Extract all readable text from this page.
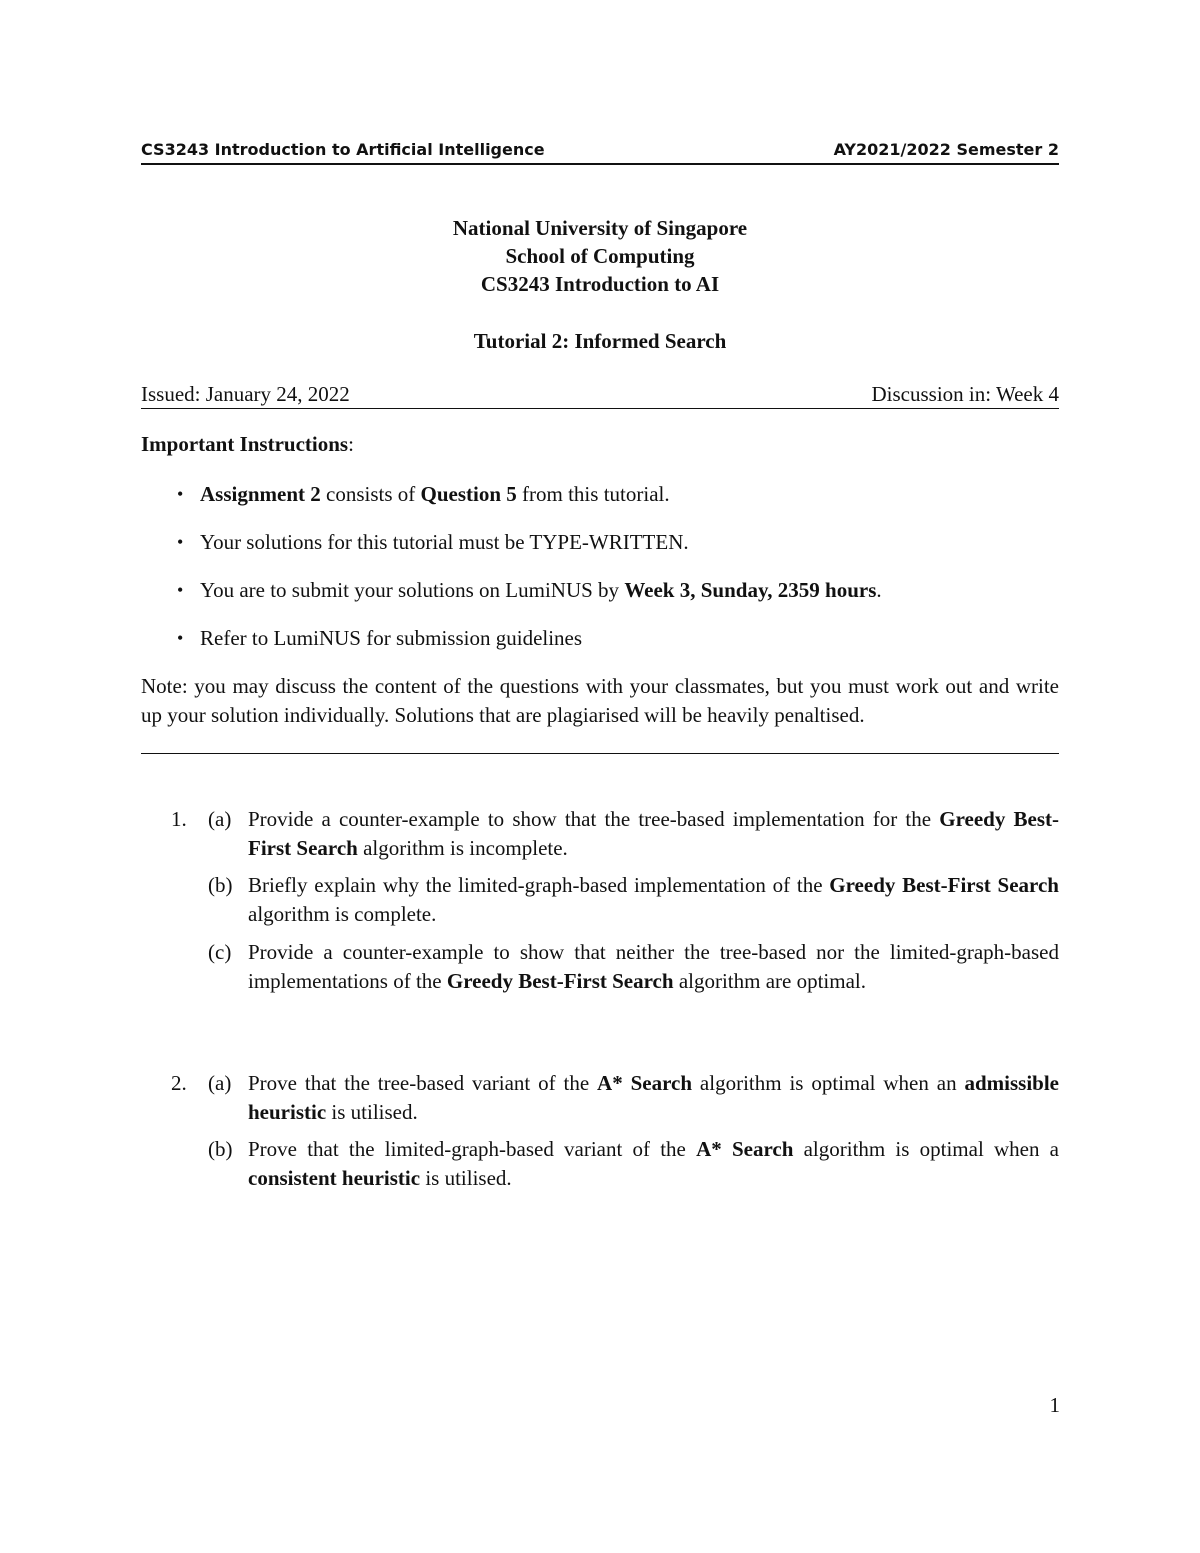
CS3243 Introduction to Artificial Intelligence	AY2021/2022 Semester 2
National University of Singapore
School of Computing
CS3243 Introduction to AI
Tutorial 2: Informed Search
Issued: January 24, 2022	Discussion in: Week 4
Important Instructions:
• Assignment 2 consists of Question 5 from this tutorial.
• Your solutions for this tutorial must be TYPE-WRITTEN.
• You are to submit your solutions on LumiNUS by Week 3, Sunday, 2359 hours.
• Refer to LumiNUS for submission guidelines
Note: you may discuss the content of the questions with your classmates, but you must work out and write up your solution individually. Solutions that are plagiarised will be heavily penaltised.
1. (a) Provide a counter-example to show that the tree-based implementation for the Greedy Best-First Search algorithm is incomplete.
(b) Briefly explain why the limited-graph-based implementation of the Greedy Best-First Search algorithm is complete.
(c) Provide a counter-example to show that neither the tree-based nor the limited-graph-based implementations of the Greedy Best-First Search algorithm are optimal.
2. (a) Prove that the tree-based variant of the A* Search algorithm is optimal when an admissible heuristic is utilised.
(b) Prove that the limited-graph-based variant of the A* Search algorithm is optimal when a consistent heuristic is utilised.
1
